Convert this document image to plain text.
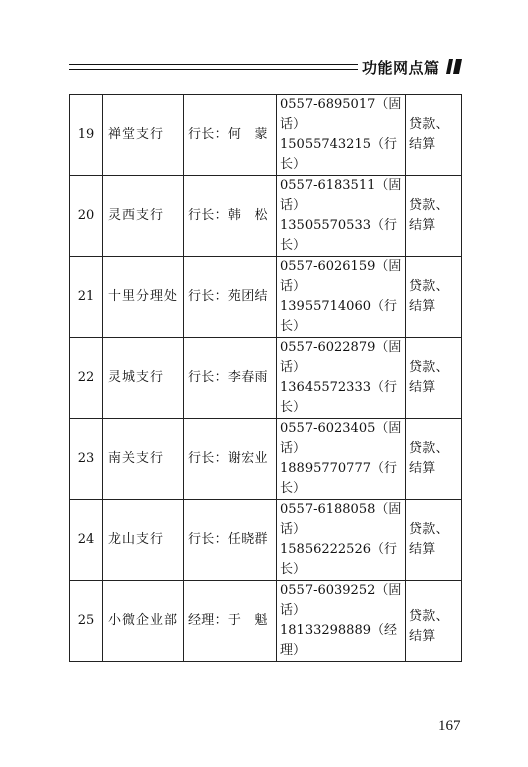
功能网点篇
19	禅堂支行	行长：何　蒙	0557-6895017（固话）
15055743215（行长）	贷款、结算
20	灵西支行	行长：韩　松	0557-6183511（固话）
13505570533（行长）	贷款、结算
21	十里分理处	行长：苑团结	0557-6026159（固话）
13955714060（行长）	贷款、结算
22	灵城支行	行长：李春雨	0557-6022879（固话）
13645572333（行长）	贷款、结算
23	南关支行	行长：谢宏业	0557-6023405（固话）
18895770777（行长）	贷款、结算
24	龙山支行	行长：任晓群	0557-6188058（固话）
15856222526（行长）	贷款、结算
25	小微企业部	经理：于　魁	0557-6039252（固话）
18133298889（经理）	贷款、结算
167
